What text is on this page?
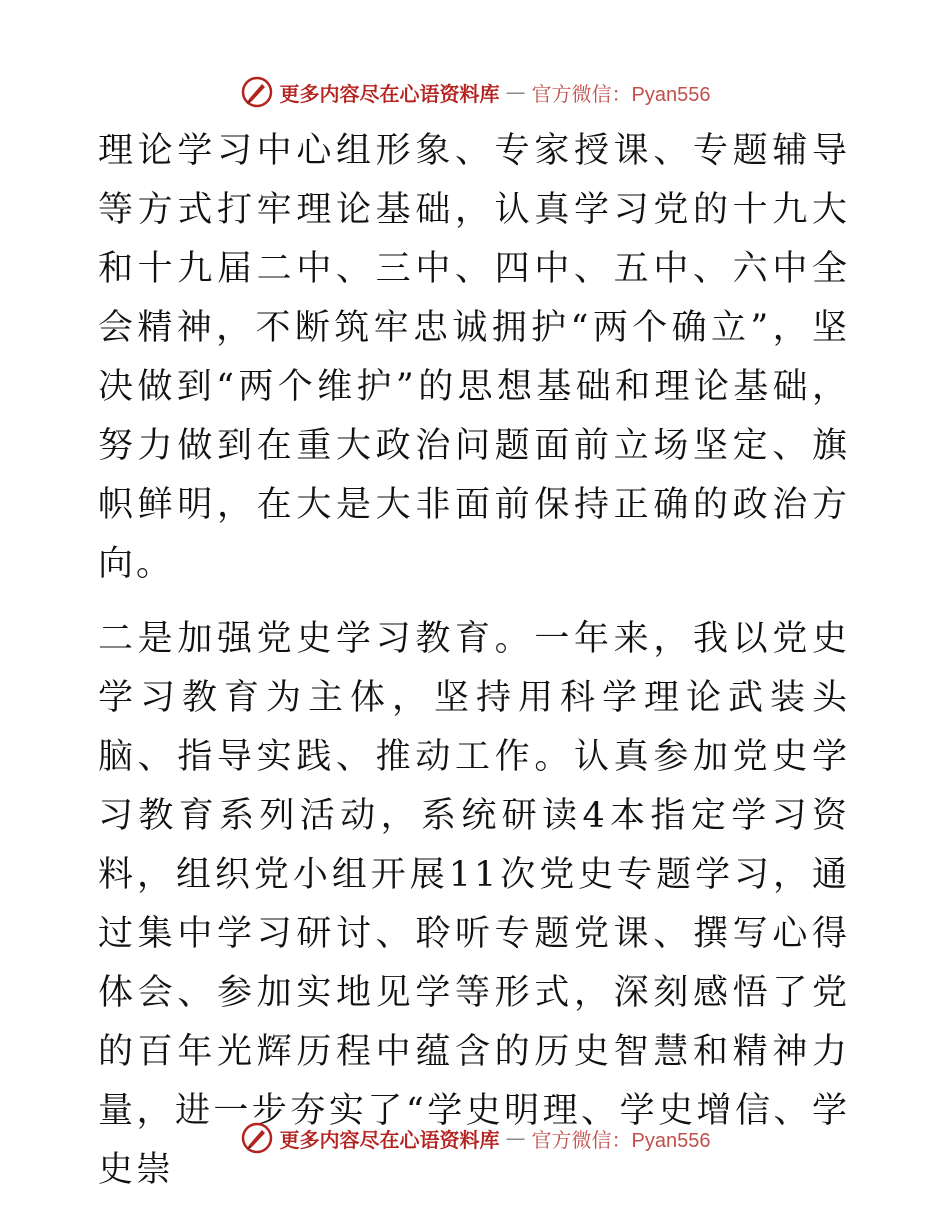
更多内容尽在心语资料库 — 官方微信：Pyan556

理论学习中心组形象、专家授课、专题辅导等方式打牢理论基础，认真学习党的十九大和十九届二中、三中、四中、五中、六中全会精神，不断筑牢忠诚拥护“两个确立”，坚决做到“两个维护”的思想基础和理论基础，努力做到在重大政治问题面前立场坚定、旗帜鲜明，在大是大非面前保持正确的政治方向。

二是加强党史学习教育。一年来，我以党史学习教育为主体，坚持用科学理论武装头脑、指导实践、推动工作。认真参加党史学习教育系列活动，系统研读4本指定学习资料，组织党小组开展11次党史专题学习，通过集中学习研讨、聆听专题党课、撰写心得体会、参加实地见学等形式，深刻感悟了党的百年光辉历程中蕴含的历史智慧和精神力量，进一步夯实了“学史明理、学史增信、学史崇

更多内容尽在心语资料库 — 官方微信：Pyan556
